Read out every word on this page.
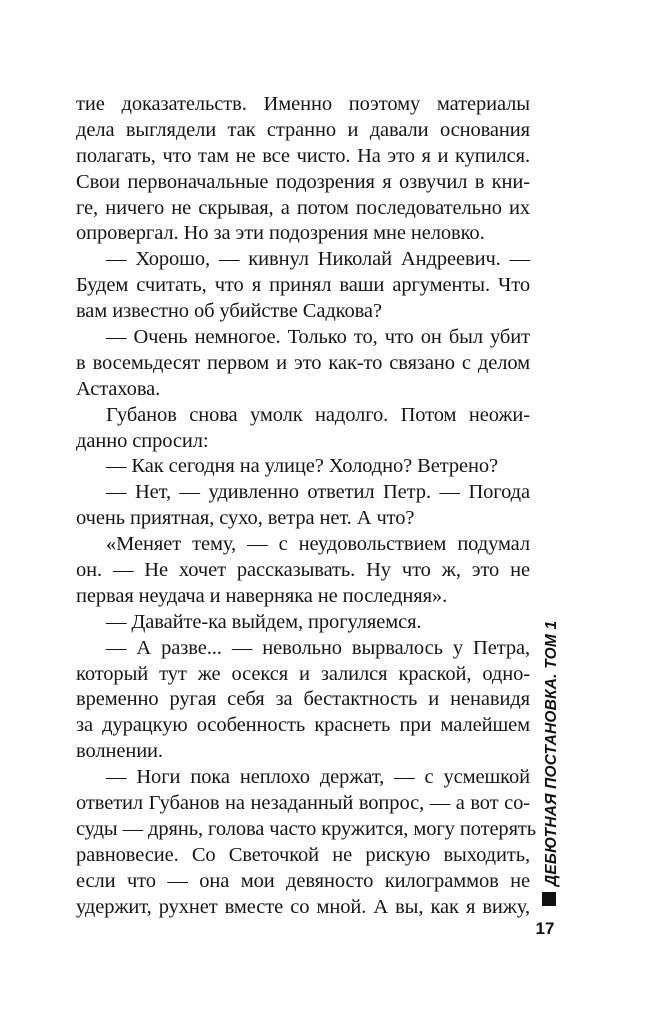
тие доказательств. Именно поэтому материалы
дела выглядели так странно и давали основания
полагать, что там не все чисто. На это я и купился.
Свои первоначальные подозрения я озвучил в кни-
ге, ничего не скрывая, а потом последовательно их
опровергал. Но за эти подозрения мне неловко.
— Хорошо, — кивнул Николай Андреевич. —
Будем считать, что я принял ваши аргументы. Что
вам известно об убийстве Садкова?
— Очень немногое. Только то, что он был убит
в восемьдесят первом и это как-то связано с делом
Астахова.
Губанов снова умолк надолго. Потом неожи-
данно спросил:
— Как сегодня на улице? Холодно? Ветрено?
— Нет, — удивленно ответил Петр. — Погода
очень приятная, сухо, ветра нет. А что?
«Меняет тему, — с неудовольствием подумал
он. — Не хочет рассказывать. Ну что ж, это не
первая неудача и наверняка не последняя».
— Давайте-ка выйдем, прогуляемся.
— А разве... — невольно вырвалось у Петра,
который тут же осекся и залился краской, одно-
временно ругая себя за бестактность и ненавидя
за дурацкую особенность краснеть при малейшем
волнении.
— Ноги пока неплохо держат, — с усмешкой
ответил Губанов на незаданный вопрос, — а вот со-
суды — дрянь, голова часто кружится, могу потерять
равновесие. Со Светочкой не рискую выходить,
если что — она мои девяносто килограммов не
удержит, рухнет вместе со мной. А вы, как я вижу,
ДЕБЮТНАЯ ПОСТАНОВКА. ТОМ 1
17
